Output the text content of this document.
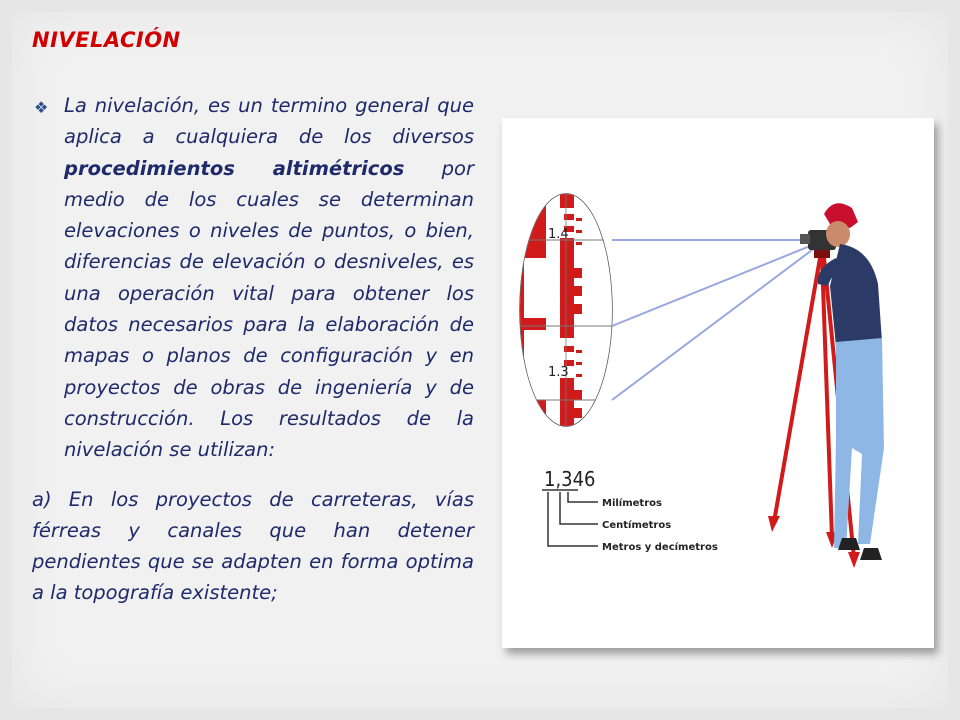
NIVELACIÓN
❖ La nivelación, es un termino general que aplica a cualquiera de los diversos procedimientos altimétricos por medio de los cuales se determinan elevaciones o niveles de puntos, o bien, diferencias de elevación o desniveles, es una operación vital para obtener los datos necesarios para la elaboración de mapas o planos de configuración y en proyectos de obras de ingeniería y de construcción. Los resultados de la nivelación se utilizan:
a) En los proyectos de carreteras, vías férreas y canales que han detener pendientes que se adapten en forma optima a la topografía existente;
1.4
1.3
1,346
Milímetros
Centímetros
Metros y decímetros
